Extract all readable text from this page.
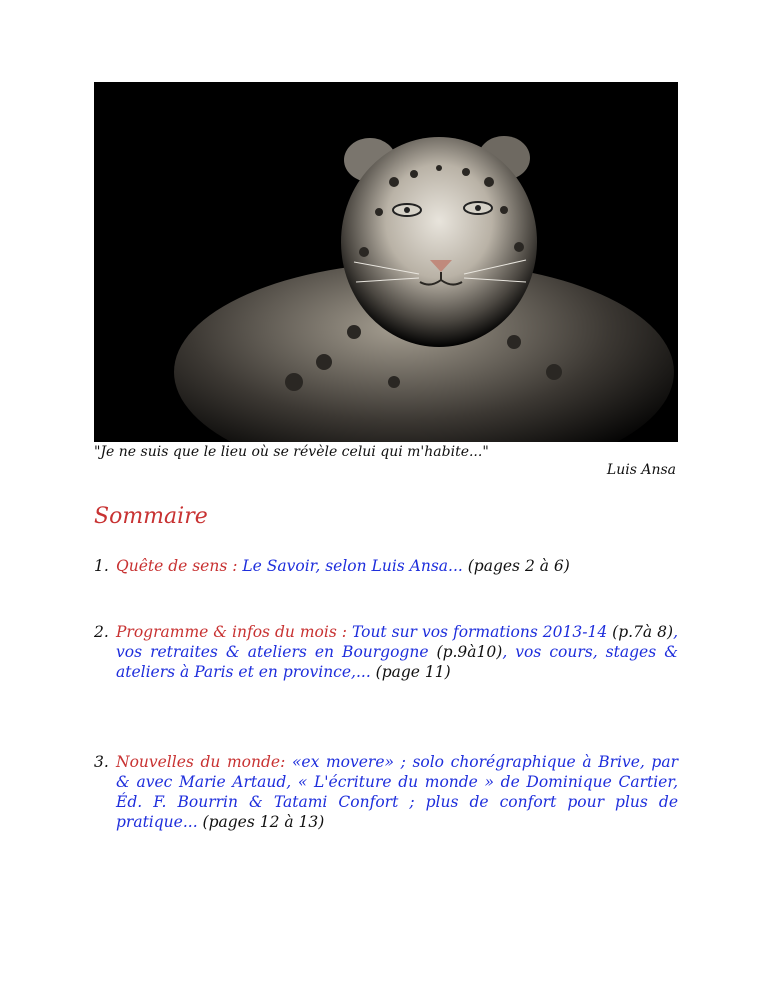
"Je ne suis que le lieu où se révèle celui qui m'habite..."
Luis Ansa
Sommaire
1. Quête de sens : Le Savoir, selon Luis Ansa... (pages 2 à 6)
2. Programme & infos du mois : Tout sur vos formations 2013-14 (p.7à 8), vos retraites & ateliers en Bourgogne (p.9à10), vos cours, stages & ateliers à Paris et en province,... (page 11)
3. Nouvelles du monde: «ex movere» ; solo chorégraphique à Brive, par & avec Marie Artaud, « L'écriture du monde » de Dominique Cartier, Éd. F. Bourrin & Tatami Confort ; plus de confort pour plus de pratique... (pages 12 à 13)
